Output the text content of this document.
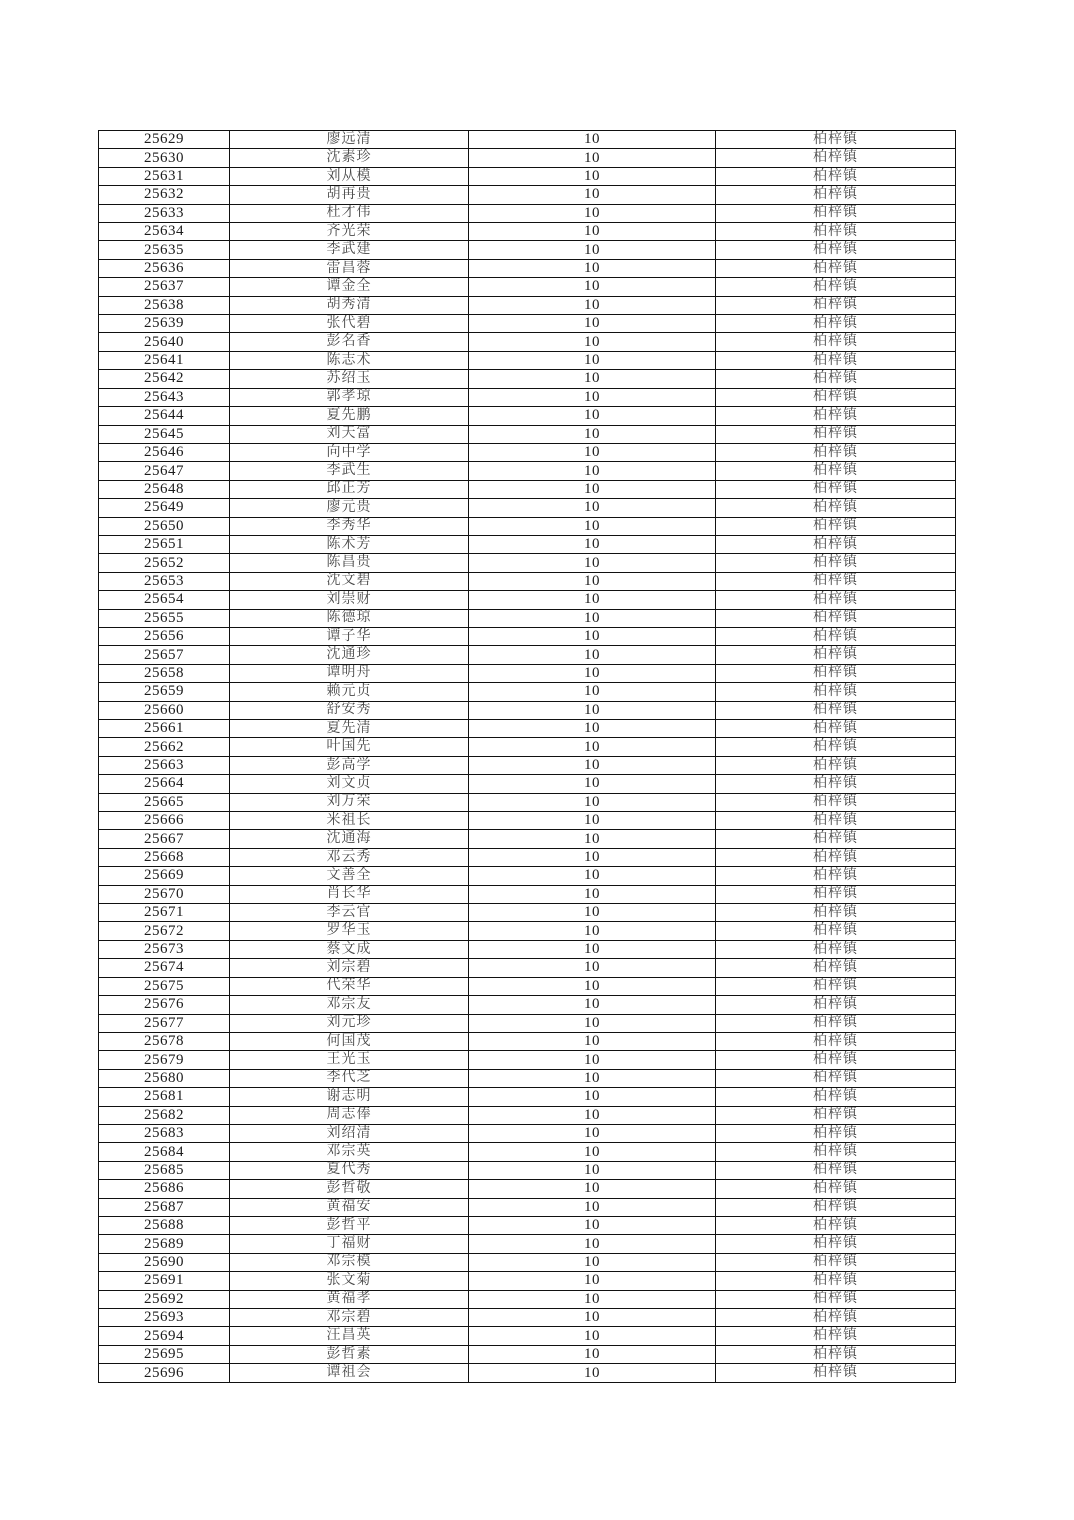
25629	廖远清	10	柏梓镇
25630	沈素珍	10	柏梓镇
25631	刘从模	10	柏梓镇
25632	胡再贵	10	柏梓镇
25633	杜才伟	10	柏梓镇
25634	齐光荣	10	柏梓镇
25635	李武建	10	柏梓镇
25636	雷昌蓉	10	柏梓镇
25637	谭金全	10	柏梓镇
25638	胡秀清	10	柏梓镇
25639	张代碧	10	柏梓镇
25640	彭名香	10	柏梓镇
25641	陈志术	10	柏梓镇
25642	苏绍玉	10	柏梓镇
25643	郭孝琼	10	柏梓镇
25644	夏先鹏	10	柏梓镇
25645	刘天富	10	柏梓镇
25646	向中学	10	柏梓镇
25647	李武生	10	柏梓镇
25648	邱正芳	10	柏梓镇
25649	廖元贵	10	柏梓镇
25650	李秀华	10	柏梓镇
25651	陈术芳	10	柏梓镇
25652	陈昌贵	10	柏梓镇
25653	沈文碧	10	柏梓镇
25654	刘崇财	10	柏梓镇
25655	陈德琼	10	柏梓镇
25656	谭子华	10	柏梓镇
25657	沈通珍	10	柏梓镇
25658	谭明舟	10	柏梓镇
25659	赖元贞	10	柏梓镇
25660	舒安秀	10	柏梓镇
25661	夏先清	10	柏梓镇
25662	叶国先	10	柏梓镇
25663	彭高学	10	柏梓镇
25664	刘文贞	10	柏梓镇
25665	刘万荣	10	柏梓镇
25666	米祖长	10	柏梓镇
25667	沈通海	10	柏梓镇
25668	邓云秀	10	柏梓镇
25669	文善全	10	柏梓镇
25670	肖长华	10	柏梓镇
25671	李云官	10	柏梓镇
25672	罗华玉	10	柏梓镇
25673	蔡文成	10	柏梓镇
25674	刘宗碧	10	柏梓镇
25675	代荣华	10	柏梓镇
25676	邓宗友	10	柏梓镇
25677	刘元珍	10	柏梓镇
25678	何国茂	10	柏梓镇
25679	王光玉	10	柏梓镇
25680	李代芝	10	柏梓镇
25681	谢志明	10	柏梓镇
25682	周志俸	10	柏梓镇
25683	刘绍清	10	柏梓镇
25684	邓宗英	10	柏梓镇
25685	夏代秀	10	柏梓镇
25686	彭哲敬	10	柏梓镇
25687	黄福安	10	柏梓镇
25688	彭哲平	10	柏梓镇
25689	丁福财	10	柏梓镇
25690	邓宗模	10	柏梓镇
25691	张文菊	10	柏梓镇
25692	黄福孝	10	柏梓镇
25693	邓宗碧	10	柏梓镇
25694	汪昌英	10	柏梓镇
25695	彭哲素	10	柏梓镇
25696	谭祖会	10	柏梓镇
